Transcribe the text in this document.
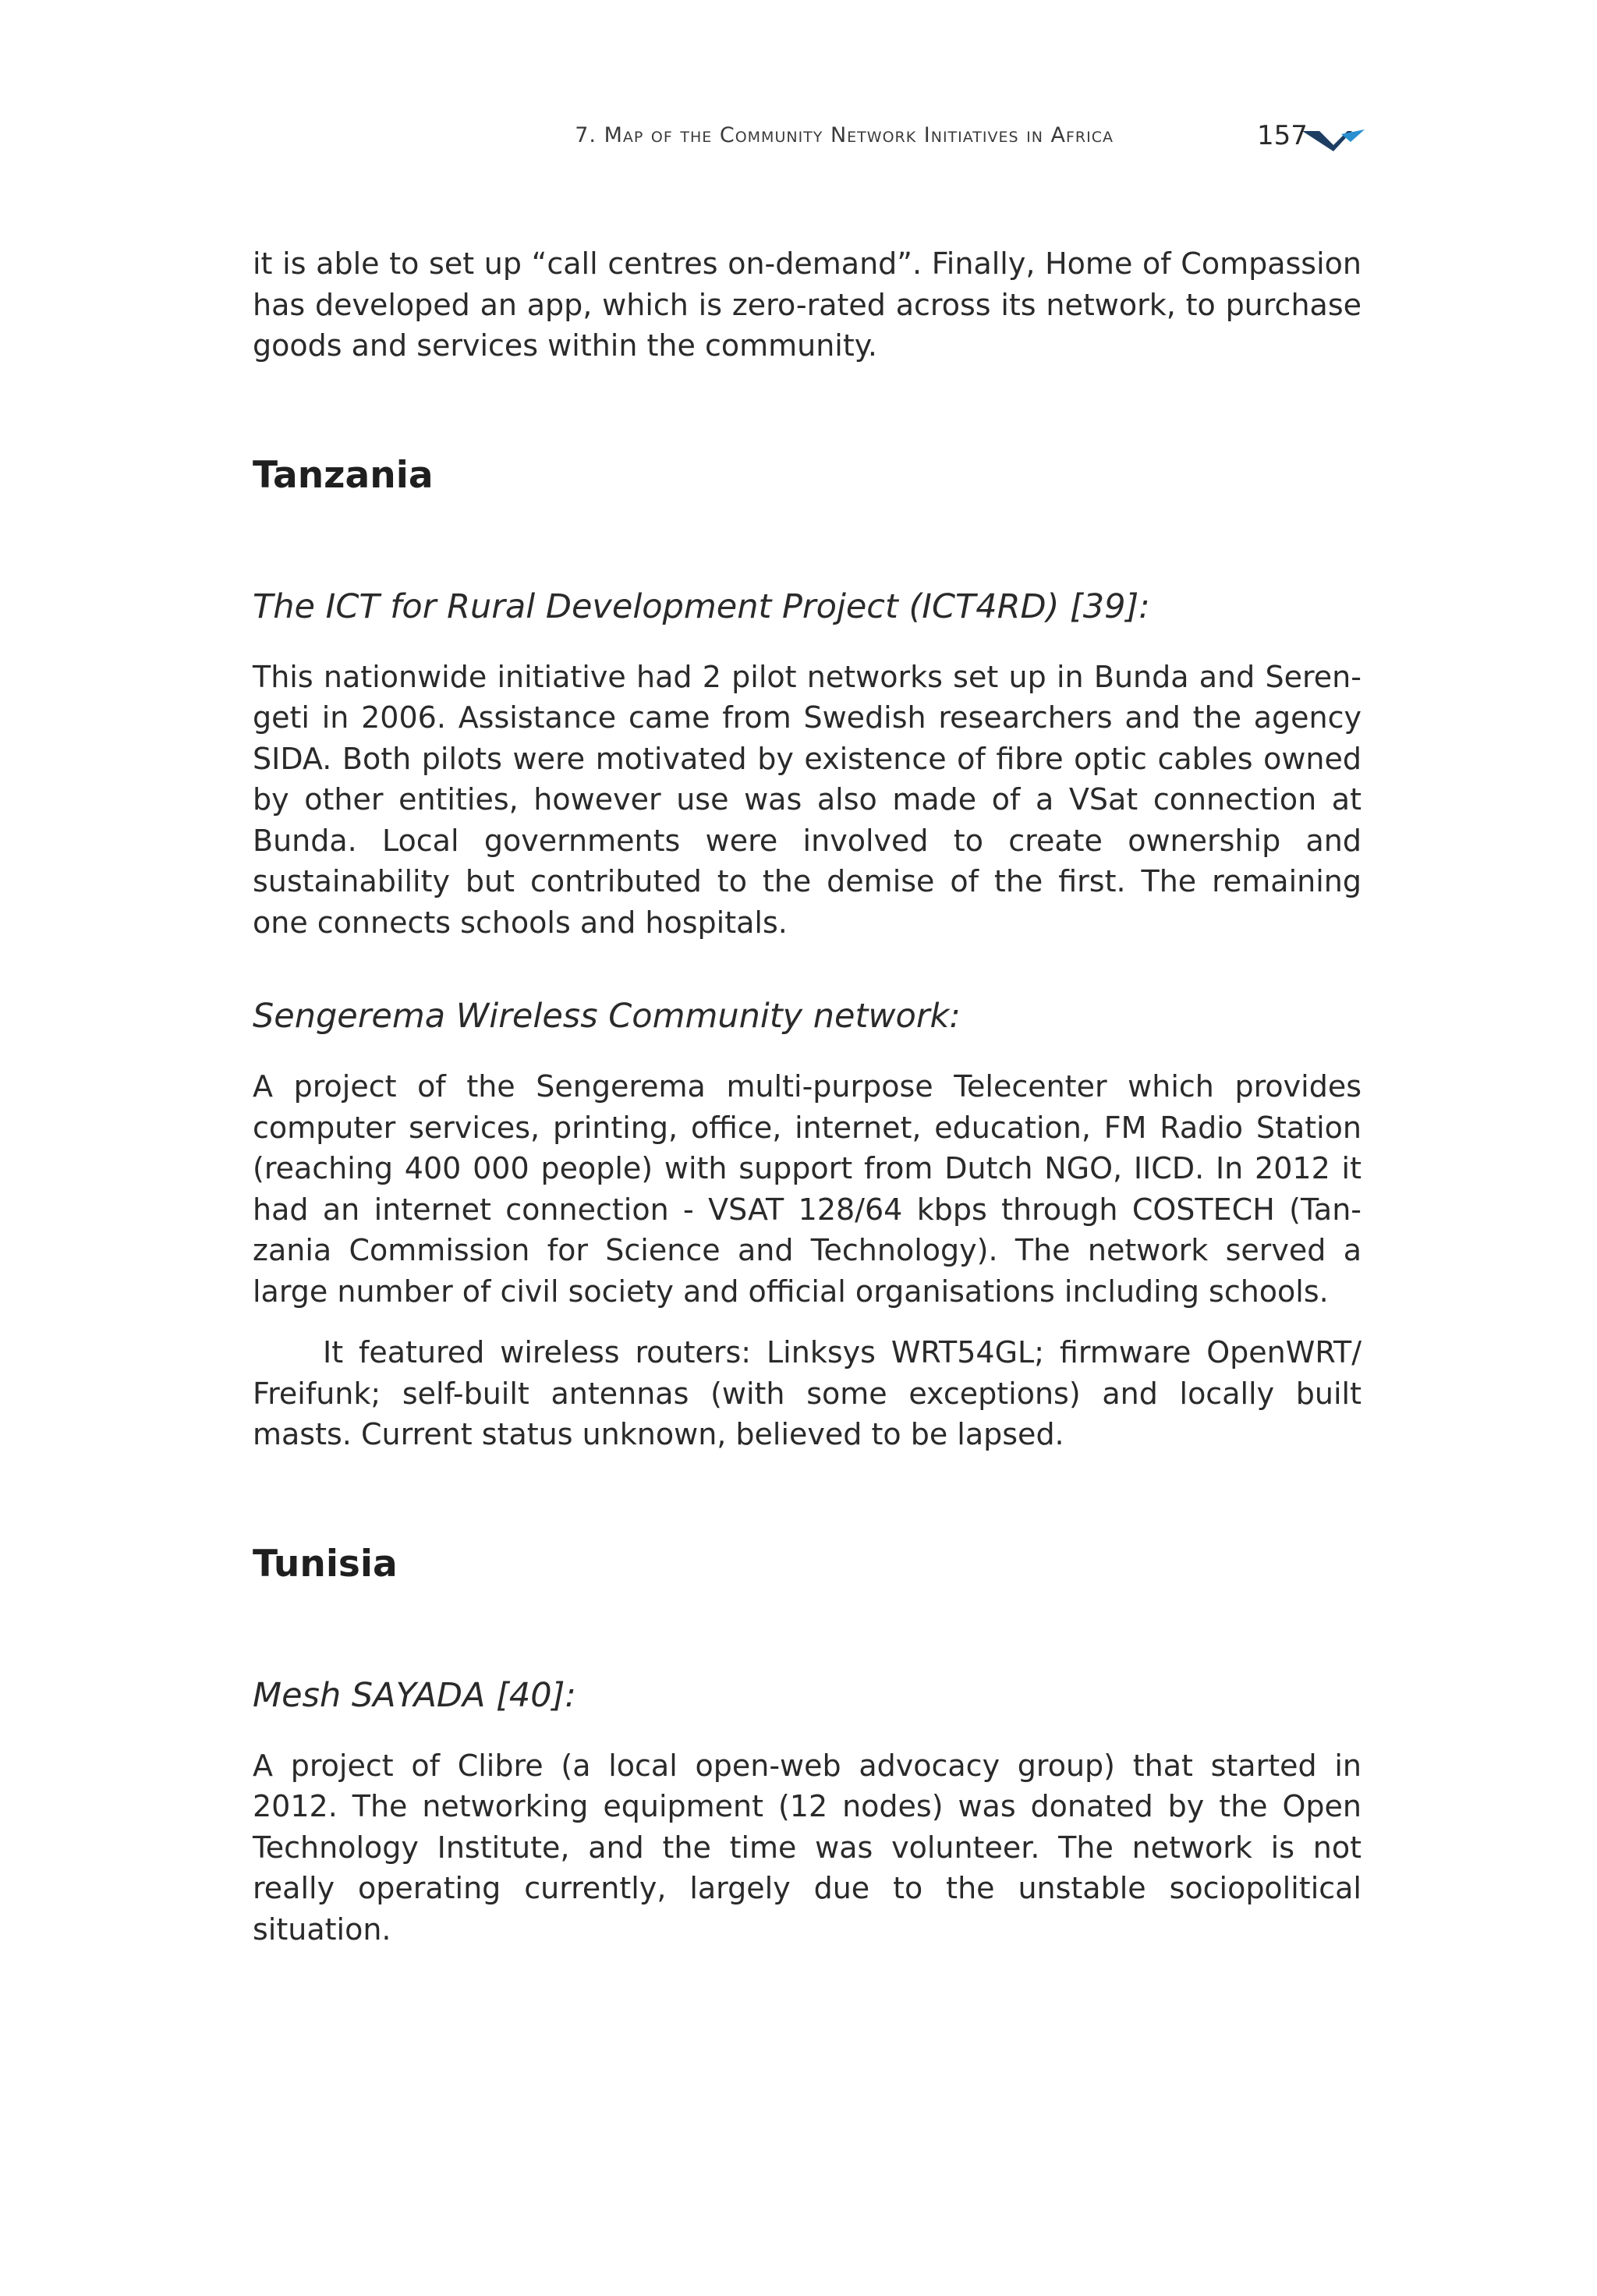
7. Map of the Community Network Initiatives in Africa	157

it is able to set up “call centres on-demand”. Finally, Home of Compassion has developed an app, which is zero-rated across its network, to purchase goods and services within the community.

Tanzania
The ICT for Rural Development Project (ICT4RD) [39]:

This nationwide initiative had 2 pilot networks set up in Bunda and Serengeti in 2006. Assistance came from Swedish researchers and the agency SIDA. Both pilots were motivated by existence of fibre optic cables owned by other entities, however use was also made of a VSat connection at Bunda. Local governments were involved to create ownership and sustainability but contributed to the demise of the first. The remaining one connects schools and hospitals.

Sengerema Wireless Community network:

A project of the Sengerema multi-purpose Telecenter which provides computer services, printing, office, internet, education, FM Radio Station (reaching 400 000 people) with support from Dutch NGO, IICD. In 2012 it had an internet connection - VSAT 128/64 kbps through COSTECH (Tanzania Commission for Science and Technology). The network served a large number of civil society and official organisations including schools.

It featured wireless routers: Linksys WRT54GL; firmware OpenWRT/ Freifunk; self-built antennas (with some exceptions) and locally built masts. Current status unknown, believed to be lapsed.

Tunisia
Mesh SAYADA [40]:

A project of Clibre (a local open-web advocacy group) that started in 2012. The networking equipment (12 nodes) was donated by the Open Technology Institute, and the time was volunteer. The network is not really operating currently, largely due to the unstable sociopolitical situation.
